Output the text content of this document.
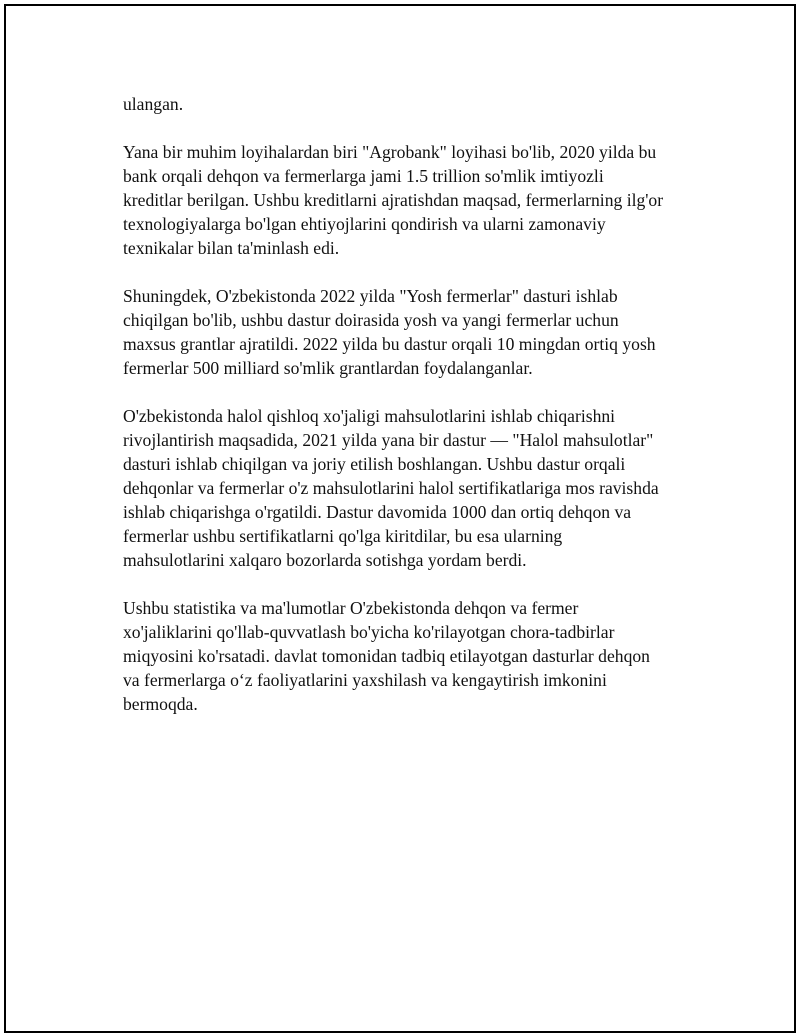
ulangan.

Yana bir muhim loyihalardan biri "Agrobank" loyihasi bo'lib, 2020 yilda bu
bank orqali dehqon va fermerlarga jami 1.5 trillion so'mlik imtiyozli
kreditlar berilgan. Ushbu kreditlarni ajratishdan maqsad, fermerlarning ilg'or
texnologiyalarga bo'lgan ehtiyojlarini qondirish va ularni zamonaviy
texnikalar bilan ta'minlash edi.

Shuningdek, O'zbekistonda 2022 yilda "Yosh fermerlar" dasturi ishlab
chiqilgan bo'lib, ushbu dastur doirasida yosh va yangi fermerlar uchun
maxsus grantlar ajratildi. 2022 yilda bu dastur orqali 10 mingdan ortiq yosh
fermerlar 500 milliard so'mlik grantlardan foydalanganlar.

O'zbekistonda halol qishloq xo'jaligi mahsulotlarini ishlab chiqarishni
rivojlantirish maqsadida, 2021 yilda yana bir dastur — "Halol mahsulotlar"
dasturi ishlab chiqilgan va joriy etilish boshlangan. Ushbu dastur orqali
dehqonlar va fermerlar o'z mahsulotlarini halol sertifikatlariga mos ravishda
ishlab chiqarishga o'rgatildi. Dastur davomida 1000 dan ortiq dehqon va
fermerlar ushbu sertifikatlarni qo'lga kiritdilar, bu esa ularning
mahsulotlarini xalqaro bozorlarda sotishga yordam berdi.

Ushbu statistika va ma'lumotlar O'zbekistonda dehqon va fermer
xo'jaliklarini qo'llab-quvvatlash bo'yicha ko'rilayotgan chora-tadbirlar
miqyosini ko'rsatadi. davlat tomonidan tadbiq etilayotgan dasturlar dehqon
va fermerlarga oʻz faoliyatlarini yaxshilash va kengaytirish imkonini
bermoqda.
